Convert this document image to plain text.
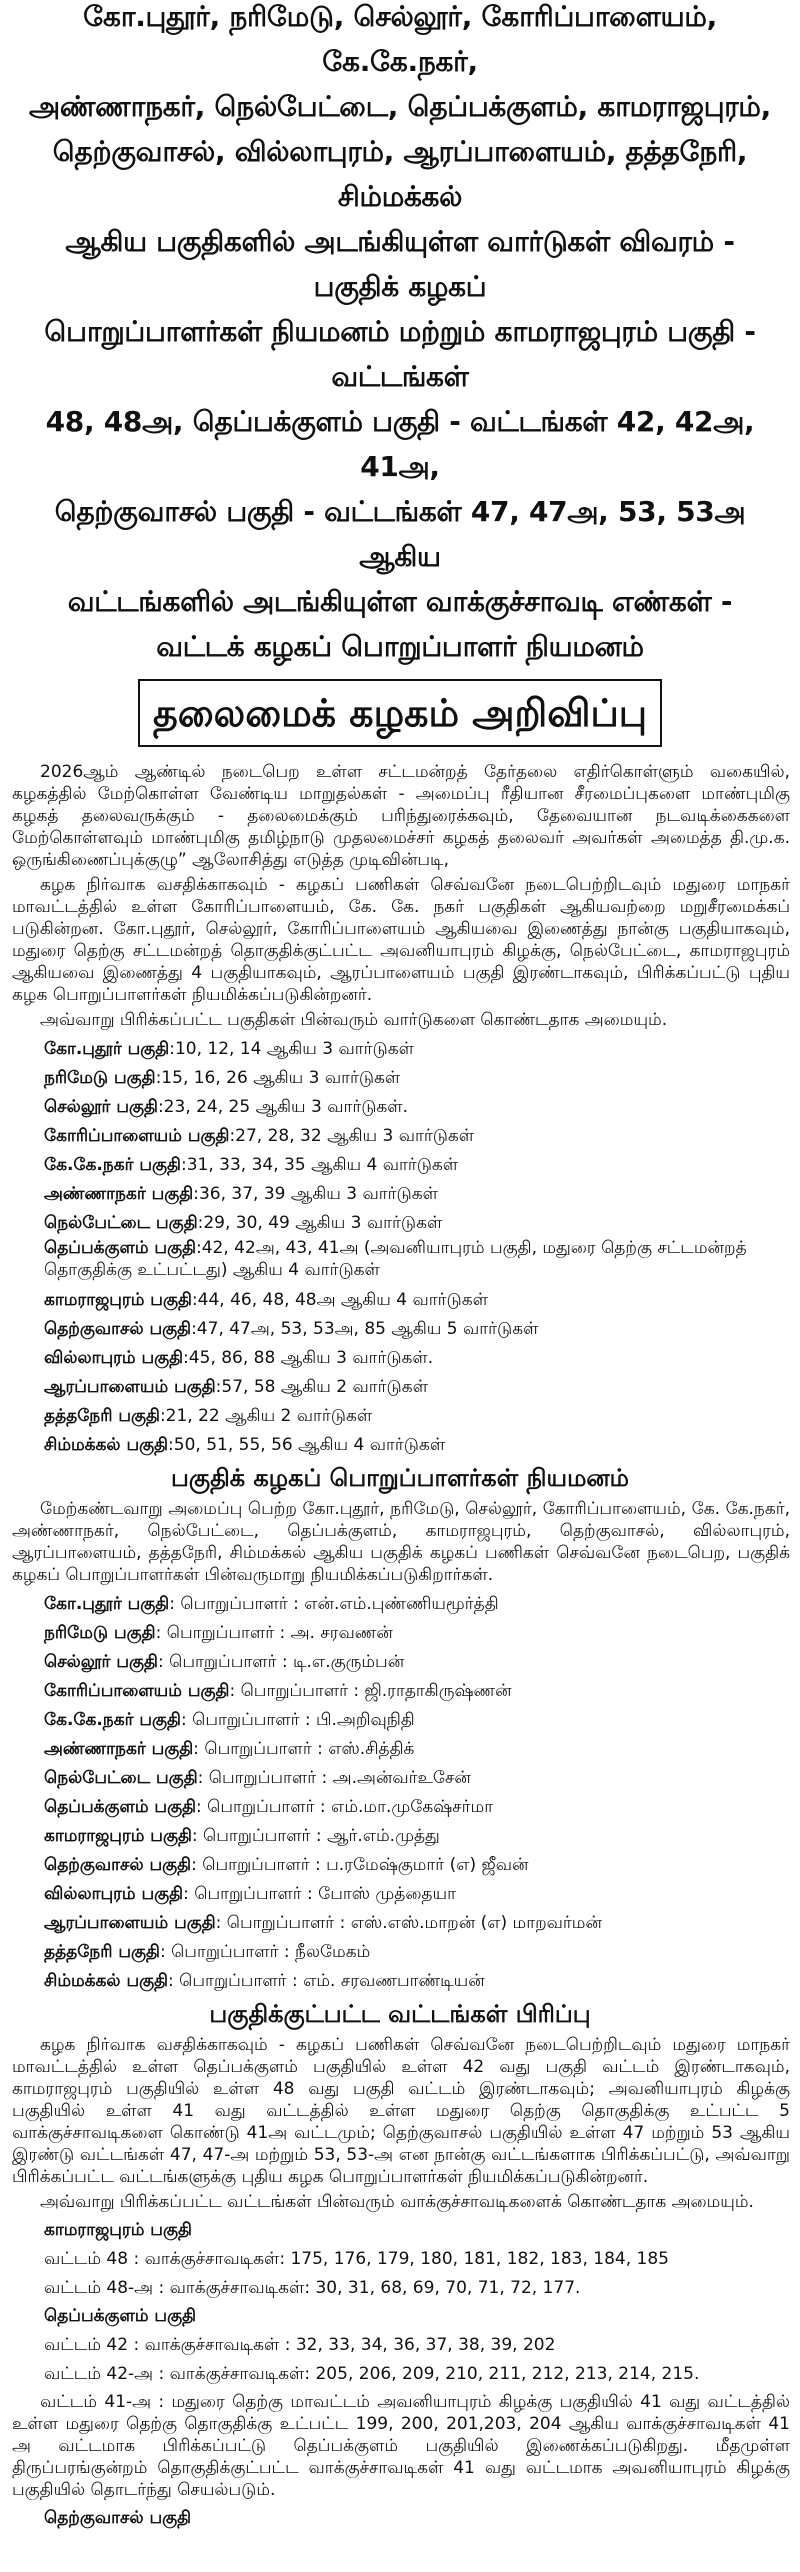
கோ.புதூர், நரிமேடு, செல்லூர், கோரிப்பாளையம், கே.கே.நகர்,
அண்ணாநகர், நெல்பேட்டை, தெப்பக்குளம், காமராஜபுரம்,
தெற்குவாசல், வில்லாபுரம், ஆரப்பாளையம், தத்தநேரி, சிம்மக்கல்
ஆகிய பகுதிகளில் அடங்கியுள்ள வார்டுகள் விவரம் - பகுதிக் கழகப்
பொறுப்பாளர்கள் நியமனம் மற்றும் காமராஜபுரம் பகுதி - வட்டங்கள்
48, 48அ, தெப்பக்குளம் பகுதி - வட்டங்கள் 42, 42அ, 41அ,
தெற்குவாசல் பகுதி - வட்டங்கள் 47, 47அ, 53, 53அ ஆகிய
வட்டங்களில் அடங்கியுள்ள வாக்குச்சாவடி எண்கள் -
வட்டக் கழகப் பொறுப்பாளர் நியமனம்
தலைமைக் கழகம் அறிவிப்பு

2026ஆம் ஆண்டில் நடைபெற உள்ள சட்டமன்றத் தேர்தலை எதிர்கொள்ளும் வகையில், கழகத்தில் மேற்கொள்ள வேண்டிய மாறுதல்கள் - அமைப்பு ரீதியான சீரமைப்புகளை மாண்புமிகு கழகத் தலைவருக்கும் - தலைமைக்கும் பரிந்துரைக்கவும், தேவையான நடவடிக்கைகளை மேற்கொள்ளவும் மாண்புமிகு தமிழ்நாடு முதலமைச்சர் கழகத் தலைவர் அவர்கள் அமைத்த தி.மு.க. ஒருங்கிணைப்புக்குழு” ஆலோசித்து எடுத்த முடிவின்படி,

கழக நிர்வாக வசதிக்காகவும் - கழகப் பணிகள் செவ்வனே நடைபெற்றிடவும் மதுரை மாநகர் மாவட்டத்தில் உள்ள கோரிப்பாளையம், கே. கே. நகர் பகுதிகள் ஆகியவற்றை மறுசீரமைக்கப் படுகின்றன. கோ.புதூர், செல்லூர், கோரிப்பாளையம் ஆகியவை இணைத்து நான்கு பகுதியாகவும், மதுரை தெற்கு சட்டமன்றத் தொகுதிக்குட்பட்ட அவனியாபுரம் கிழக்கு, நெல்பேட்டை, காமராஜபுரம் ஆகியவை இணைத்து 4 பகுதியாகவும், ஆரப்பாளையம் பகுதி இரண்டாகவும், பிரிக்கப்பட்டு புதிய கழக பொறுப்பாளர்கள் நியமிக்கப்படுகின்றனர்.

அவ்வாறு பிரிக்கப்பட்ட பகுதிகள் பின்வரும் வார்டுகளை கொண்டதாக அமையும்.

கோ.புதூர் பகுதி :10, 12, 14 ஆகிய 3 வார்டுகள்
நரிமேடு பகுதி :15, 16, 26 ஆகிய 3 வார்டுகள்
செல்லூர் பகுதி :23, 24, 25 ஆகிய 3 வார்டுகள்.
கோரிப்பாளையம் பகுதி :27, 28, 32 ஆகிய 3 வார்டுகள்
கே.கே.நகர் பகுதி :31, 33, 34, 35 ஆகிய 4 வார்டுகள்
அண்ணாநகர் பகுதி :36, 37, 39 ஆகிய 3 வார்டுகள்
நெல்பேட்டை பகுதி :29, 30, 49 ஆகிய 3 வார்டுகள்
தெப்பக்குளம் பகுதி:42, 42அ, 43, 41அ (அவனியாபுரம் பகுதி, மதுரை தெற்கு சட்டமன்றத் தொகுதிக்கு உட்பட்டது) ஆகிய 4 வார்டுகள்
காமராஜபுரம் பகுதி :44, 46, 48, 48அ ஆகிய 4 வார்டுகள்
தெற்குவாசல் பகுதி :47, 47அ, 53, 53அ, 85 ஆகிய 5 வார்டுகள்
வில்லாபுரம் பகுதி :45, 86, 88 ஆகிய 3 வார்டுகள்.
ஆரப்பாளையம் பகுதி :57, 58 ஆகிய 2 வார்டுகள்
தத்தநேரி பகுதி :21, 22 ஆகிய 2 வார்டுகள்
சிம்மக்கல் பகுதி :50, 51, 55, 56 ஆகிய 4 வார்டுகள்
பகுதிக் கழகப் பொறுப்பாளர்கள் நியமனம்

மேற்கண்டவாறு அமைப்பு பெற்ற கோ.புதூர், நரிமேடு, செல்லூர், கோரிப்பாளையம், கே. கே.நகர், அண்ணாநகர், நெல்பேட்டை, தெப்பக்குளம், காமராஜபுரம், தெற்குவாசல், வில்லாபுரம், ஆரப்பாளையம், தத்தநேரி, சிம்மக்கல் ஆகிய பகுதிக் கழகப் பணிகள் செவ்வனே நடைபெற, பகுதிக் கழகப் பொறுப்பாளர்கள் பின்வருமாறு நியமிக்கப்படுகிறார்கள்.

கோ.புதூர் பகுதி : பொறுப்பாளர் : என்.எம்.புண்ணியமூர்த்தி
நரிமேடு பகுதி : பொறுப்பாளர் : அ. சரவணன்
செல்லூர் பகுதி : பொறுப்பாளர் : டி.எ.குரும்பன்
கோரிப்பாளையம் பகுதி : பொறுப்பாளர் : ஜி.ராதாகிருஷ்ணன்
கே.கே.நகர் பகுதி : பொறுப்பாளர் : பி.அறிவுநிதி
அண்ணாநகர் பகுதி : பொறுப்பாளர் : எஸ்.சித்திக்
நெல்பேட்டை பகுதி : பொறுப்பாளர் : அ.அன்வர்உசேன்
தெப்பக்குளம் பகுதி : பொறுப்பாளர் : எம்.மா.முகேஷ்சர்மா
காமராஜபுரம் பகுதி : பொறுப்பாளர் : ஆர்.எம்.முத்து
தெற்குவாசல் பகுதி : பொறுப்பாளர் : ப.ரமேஷ்குமார் (எ) ஜீவன்
வில்லாபுரம் பகுதி : பொறுப்பாளர் : போஸ் முத்தையா
ஆரப்பாளையம் பகுதி : பொறுப்பாளர் : எஸ்.எஸ்.மாறன் (எ) மாறவர்மன்
தத்தநேரி பகுதி : பொறுப்பாளர் : நீலமேகம்
சிம்மக்கல் பகுதி : பொறுப்பாளர் : எம். சரவணபாண்டியன்
பகுதிக்குட்பட்ட வட்டங்கள் பிரிப்பு

கழக நிர்வாக வசதிக்காகவும் - கழகப் பணிகள் செவ்வனே நடைபெற்றிடவும் மதுரை மாநகர் மாவட்டத்தில் உள்ள தெப்பக்குளம் பகுதியில் உள்ள 42 வது பகுதி வட்டம் இரண்டாகவும், காமராஜபுரம் பகுதியில் உள்ள 48 வது பகுதி வட்டம் இரண்டாகவும்; அவனியாபுரம் கிழக்கு பகுதியில் உள்ள 41 வது வட்டத்தில் உள்ள மதுரை தெற்கு தொகுதிக்கு உட்பட்ட 5 வாக்குச்சாவடிகளை கொண்டு 41அ வட்டமும்; தெற்குவாசல் பகுதியில் உள்ள 47 மற்றும் 53 ஆகிய இரண்டு வட்டங்கள் 47, 47-அ மற்றும் 53, 53-அ என நான்கு வட்டங்களாக பிரிக்கப்பட்டு, அவ்வாறு பிரிக்கப்பட்ட வட்டங்களுக்கு புதிய கழக பொறுப்பாளர்கள் நியமிக்கப்படுகின்றனர்.

அவ்வாறு பிரிக்கப்பட்ட வட்டங்கள் பின்வரும் வாக்குச்சாவடிகளைக் கொண்டதாக அமையும்.

காமராஜபுரம் பகுதி
வட்டம் 48 : வாக்குச்சாவடிகள்: 175, 176, 179, 180, 181, 182, 183, 184, 185
வட்டம் 48-அ : வாக்குச்சாவடிகள்: 30, 31, 68, 69, 70, 71, 72, 177.
தெப்பக்குளம் பகுதி
வட்டம் 42 : வாக்குச்சாவடிகள் : 32, 33, 34, 36, 37, 38, 39, 202
வட்டம் 42-அ : வாக்குச்சாவடிகள்: 205, 206, 209, 210, 211, 212, 213, 214, 215.

வட்டம் 41-அ : மதுரை தெற்கு மாவட்டம் அவனியாபுரம் கிழக்கு பகுதியில் 41 வது வட்டத்தில் உள்ள மதுரை தெற்கு தொகுதிக்கு உட்பட்ட 199, 200, 201,203, 204 ஆகிய வாக்குச்சாவடிகள் 41 அ வட்டமாக பிரிக்கப்பட்டு தெப்பக்குளம் பகுதியில் இணைக்கப்படுகிறது. மீதமுள்ள திருப்பரங்குன்றம் தொகுதிக்குட்பட்ட வாக்குச்சாவடிகள் 41 வது வட்டமாக அவனியாபுரம் கிழக்கு பகுதியில் தொடர்ந்து செயல்படும்.

தெற்குவாசல் பகுதி
